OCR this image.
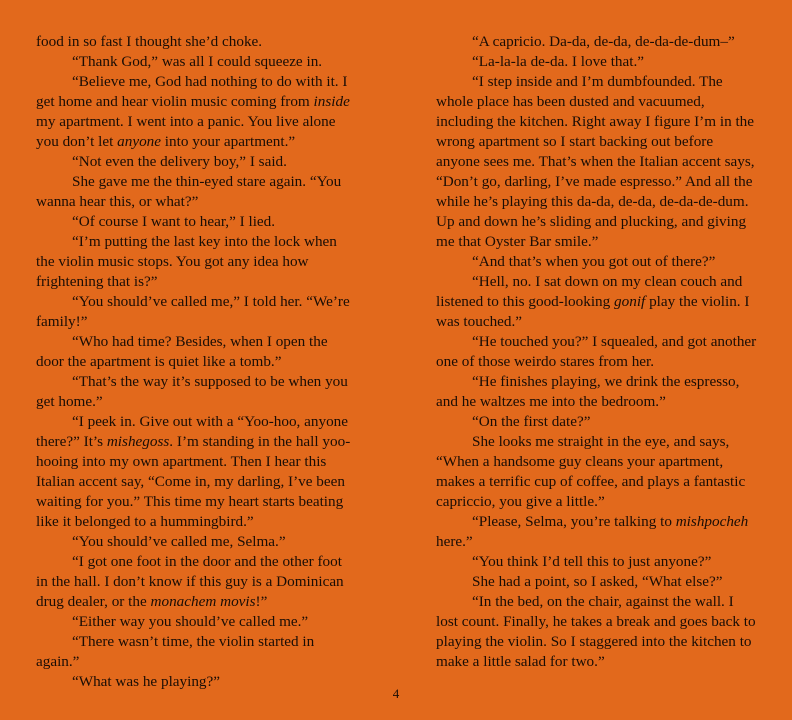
food in so fast I thought she’d choke.

“Thank God,” was all I could squeeze in.

“Believe me, God had nothing to do with it. I get home and hear violin music coming from inside my apartment. I went into a panic. You live alone you don’t let anyone into your apartment.”

“Not even the delivery boy,” I said.

She gave me the thin-eyed stare again. “You wanna hear this, or what?”

“Of course I want to hear,” I lied.

“I’m putting the last key into the lock when the violin music stops. You got any idea how frightening that is?”

“You should’ve called me,” I told her. “We’re family!”

“Who had time? Besides, when I open the door the apartment is quiet like a tomb.”

“That’s the way it’s supposed to be when you get home.”

“I peek in. Give out with a “Yoo-hoo, anyone there?” It’s mishegoss. I’m standing in the hall yoo-hooing into my own apartment. Then I hear this Italian accent say, “Come in, my darling, I’ve been waiting for you.” This time my heart starts beating like it belonged to a hummingbird.”

“You should’ve called me, Selma.”

“I got one foot in the door and the other foot in the hall. I don’t know if this guy is a Dominican drug dealer, or the monachem movis!”

“Either way you should’ve called me.”

“There wasn’t time, the violin started in again.”

“What was he playing?”

“A capricio. Da-da, de-da, de-da-de-dum–”

“La-la-la de-da. I love that.”

“I step inside and I’m dumbfounded. The whole place has been dusted and vacuumed, including the kitchen. Right away I figure I’m in the wrong apartment so I start backing out before anyone sees me. That’s when the Italian accent says, “Don’t go, darling, I’ve made espresso.” And all the while he’s playing this da-da, de-da, de-da-de-dum. Up and down he’s sliding and plucking, and giving me that Oyster Bar smile.”

“And that’s when you got out of there?”

“Hell, no. I sat down on my clean couch and listened to this good-looking gonif play the violin. I was touched.”

“He touched you?” I squealed, and got another one of those weirdo stares from her.

“He finishes playing, we drink the espresso, and he waltzes me into the bedroom.”

“On the first date?”

She looks me straight in the eye, and says, “When a handsome guy cleans your apartment, makes a terrific cup of coffee, and plays a fantastic capriccio, you give a little.”

“Please, Selma, you’re talking to mishpocheh here.”

“You think I’d tell this to just anyone?”

She had a point, so I asked, “What else?”

“In the bed, on the chair, against the wall. I lost count. Finally, he takes a break and goes back to playing the violin. So I staggered into the kitchen to make a little salad for two.”

4
